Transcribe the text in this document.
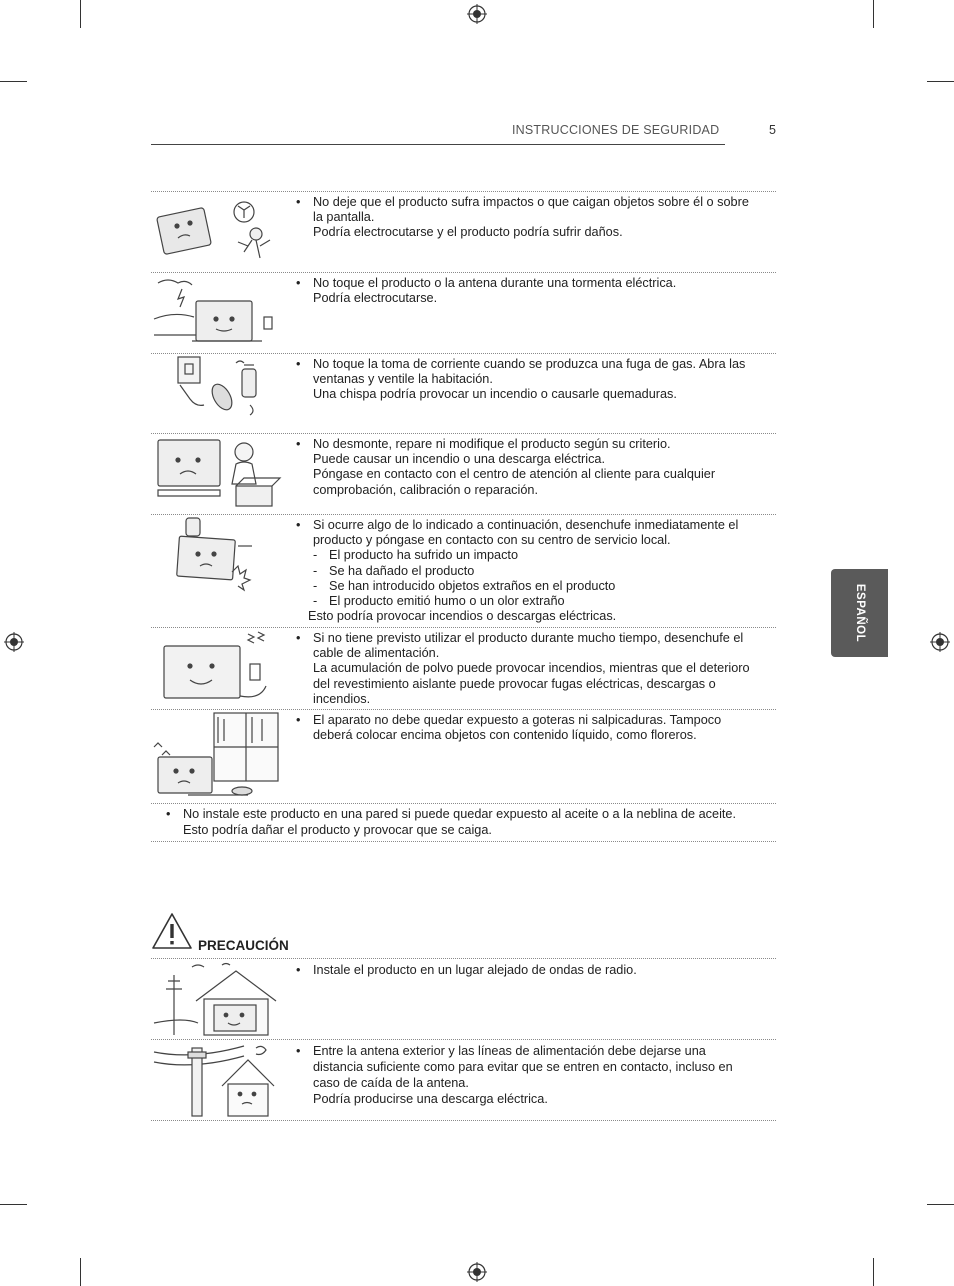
INSTRUCCIONES DE SEGURIDAD	5
ESPAÑOL
• No deje que el producto sufra impactos o que caigan objetos sobre él o sobre la pantalla.
Podría electrocutarse y el producto podría sufrir daños.
• No toque el producto o la antena durante una tormenta eléctrica.
Podría electrocutarse.
• No toque la toma de corriente cuando se produzca una fuga de gas. Abra las ventanas y ventile la habitación.
Una chispa podría provocar un incendio o causarle quemaduras.
• No desmonte, repare ni modifique el producto según su criterio.
Puede causar un incendio o una descarga eléctrica.
Póngase en contacto con el centro de atención al cliente para cualquier comprobación, calibración o reparación.
• Si ocurre algo de lo indicado a continuación, desenchufe inmediatamente el producto y póngase en contacto con su centro de servicio local.
- El producto ha sufrido un impacto
- Se ha dañado el producto
- Se han introducido objetos extraños en el producto
- El producto emitió humo o un olor extraño
Esto podría provocar incendios o descargas eléctricas.
• Si no tiene previsto utilizar el producto durante mucho tiempo, desenchufe el cable de alimentación.
La acumulación de polvo puede provocar incendios, mientras que el deterioro del revestimiento aislante puede provocar fugas eléctricas, descargas o incendios.
• El aparato no debe quedar expuesto a goteras ni salpicaduras. Tampoco deberá colocar encima objetos con contenido líquido, como floreros.
• No instale este producto en una pared si puede quedar expuesto al aceite o a la neblina de aceite. Esto podría dañar el producto y provocar que se caiga.
PRECAUCIÓN
• Instale el producto en un lugar alejado de ondas de radio.
• Entre la antena exterior y las líneas de alimentación debe dejarse una distancia suficiente como para evitar que se entren en contacto, incluso en caso de caída de la antena.
Podría producirse una descarga eléctrica.
